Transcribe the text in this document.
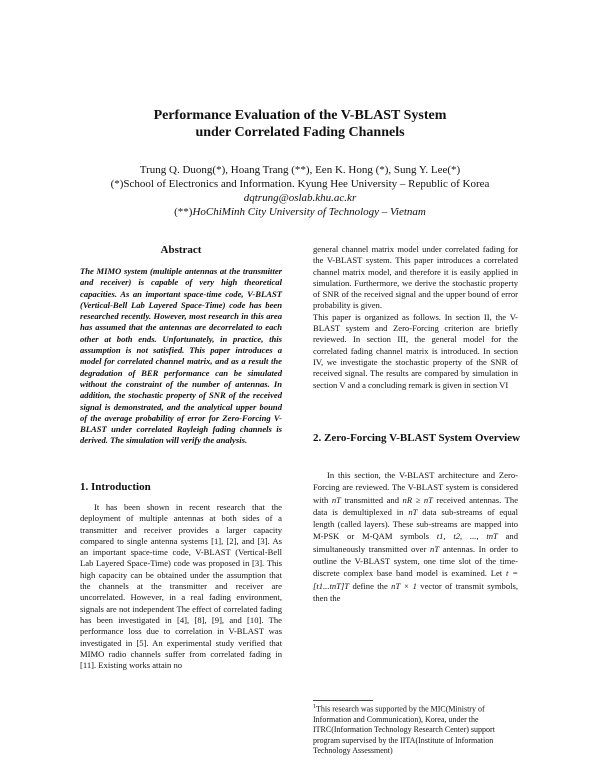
Performance Evaluation of the V-BLAST System
under Correlated Fading Channels
Trung Q. Duong(*), Hoang Trang (**), Een K. Hong (*), Sung Y. Lee(*)
(*)School of Electronics and Information. Kyung Hee University – Republic of Korea
dqtrung@oslab.khu.ac.kr
(**)HoChiMinh City University of Technology – Vietnam
Abstract
The MIMO system (multiple antennas at the transmitter and receiver) is capable of very high theoretical capacities. As an important space-time code, V-BLAST (Vertical-Bell Lab Layered Space-Time) code has been researched recently. However, most research in this area has assumed that the antennas are decorrelated to each other at both ends. Unfortunately, in practice, this assumption is not satisfied. This paper introduces a model for correlated channel matrix, and as a result the degradation of BER performance can be simulated without the constraint of the number of antennas. In addition, the stochastic property of SNR of the received signal is demonstrated, and the analytical upper bound of the average probability of error for Zero-Forcing V-BLAST under correlated Rayleigh fading channels is derived. The simulation will verify the analysis.
1. Introduction

It has been shown in recent research that the deployment of multiple antennas at both sides of a transmitter and receiver provides a larger capacity compared to single antenna systems [1], [2], and [3]. As an important space-time code, V-BLAST (Vertical-Bell Lab Layered Space-Time) code was proposed in [3]. This high capacity can be obtained under the assumption that the channels at the transmitter and receiver are uncorrelated. However, in a real fading environment, signals are not independent The effect of correlated fading has been investigated in [4], [8], [9], and [10]. The performance loss due to correlation in V-BLAST was investigated in [5]. An experimental study verified that MIMO radio channels suffer from correlated fading in [11]. Existing works attain no

general channel matrix model under correlated fading for the V-BLAST system. This paper introduces a correlated channel matrix model, and therefore it is easily applied in simulation. Furthermore, we derive the stochastic property of SNR of the received signal and the upper bound of error probability is given.

This paper is organized as follows. In section II, the V-BLAST system and Zero-Forcing criterion are briefly reviewed. In section III, the general model for the correlated fading channel matrix is introduced. In section IV, we investigate the stochastic property of the SNR of received signal. The results are compared by simulation in section V and a concluding remark is given in section VI

2. Zero-Forcing V-BLAST System Overview

In this section, the V-BLAST architecture and Zero-Forcing are reviewed. The V-BLAST system is considered with nT transmitted and nR ≥ nT received antennas. The data is demultiplexed in nT data sub-streams of equal length (called layers). These sub-streams are mapped into M-PSK or M-QAM symbols t1, t2, ..., tnT and simultaneously transmitted over nT antennas. In order to outline the V-BLAST system, one time slot of the time-discrete complex base band model is examined. Let t = [t1...tnT]T define the nT × 1 vector of transmit symbols, then the

$^1$This research was supported by the MIC(Ministry of Information and Communication), Korea, under the ITRC(Information Technology Research Center) support program supervised by the IITA(Institute of Information Technology Assessment)
